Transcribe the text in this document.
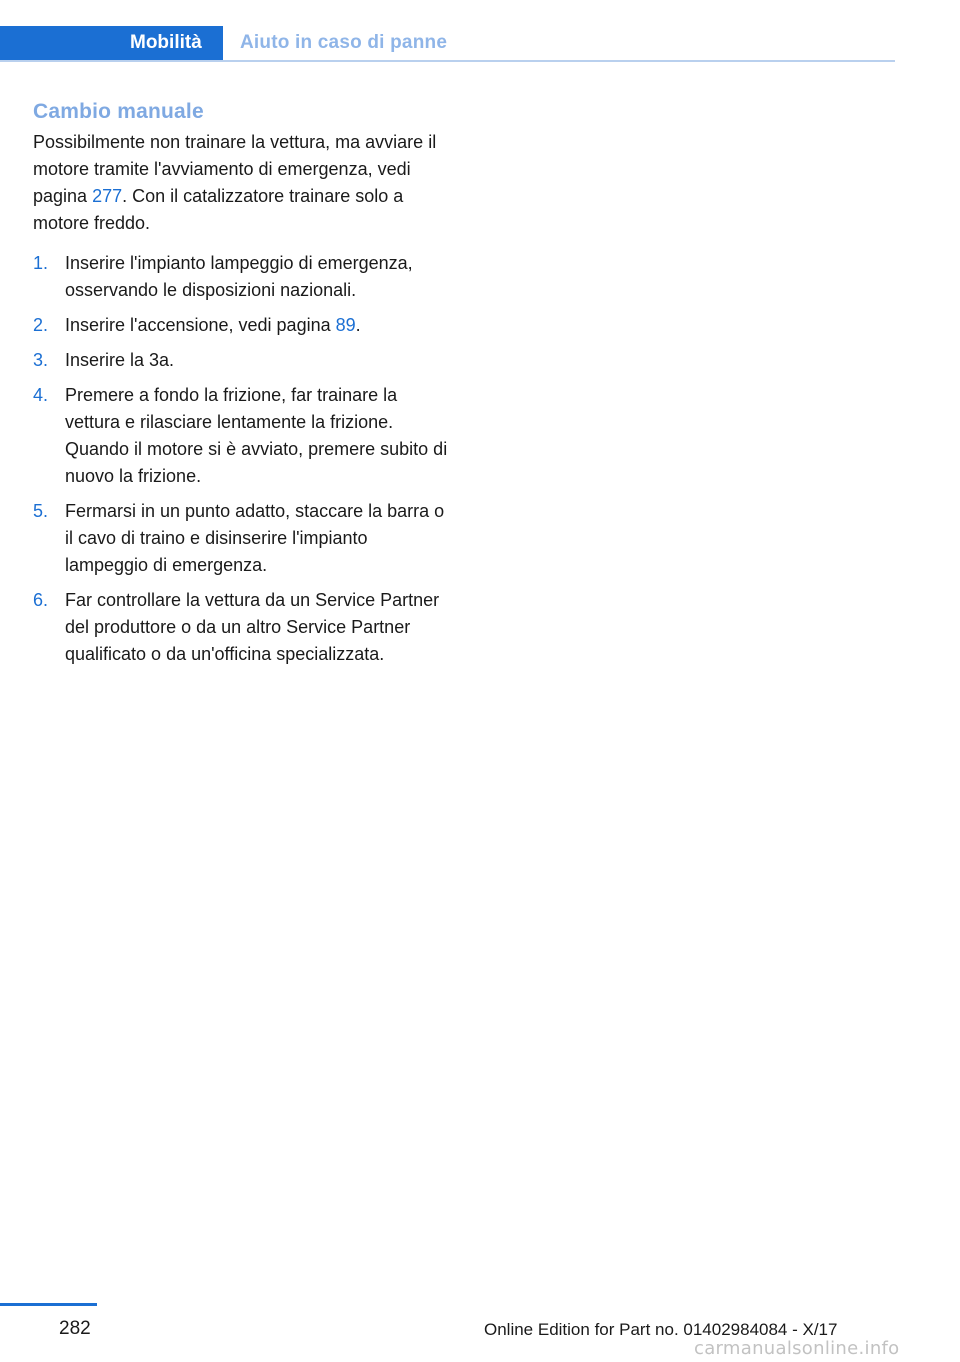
Mobilità	Aiuto in caso di panne
Cambio manuale

Possibilmente non trainare la vettura, ma avviare il motore tramite l'avviamento di emergenza, vedi pagina 277. Con il catalizzatore trainare solo a motore freddo.

1. Inserire l'impianto lampeggio di emergenza, osservando le disposizioni nazionali.
2. Inserire l'accensione, vedi pagina 89.
3. Inserire la 3a.
4. Premere a fondo la frizione, far trainare la vettura e rilasciare lentamente la frizione. Quando il motore si è avviato, premere subito di nuovo la frizione.
5. Fermarsi in un punto adatto, staccare la barra o il cavo di traino e disinserire l'impianto lampeggio di emergenza.
6. Far controllare la vettura da un Service Partner del produttore o da un altro Service Partner qualificato o da un'officina specializzata.
282	Online Edition for Part no. 01402984084 - X/17
carmanualsonline.info
